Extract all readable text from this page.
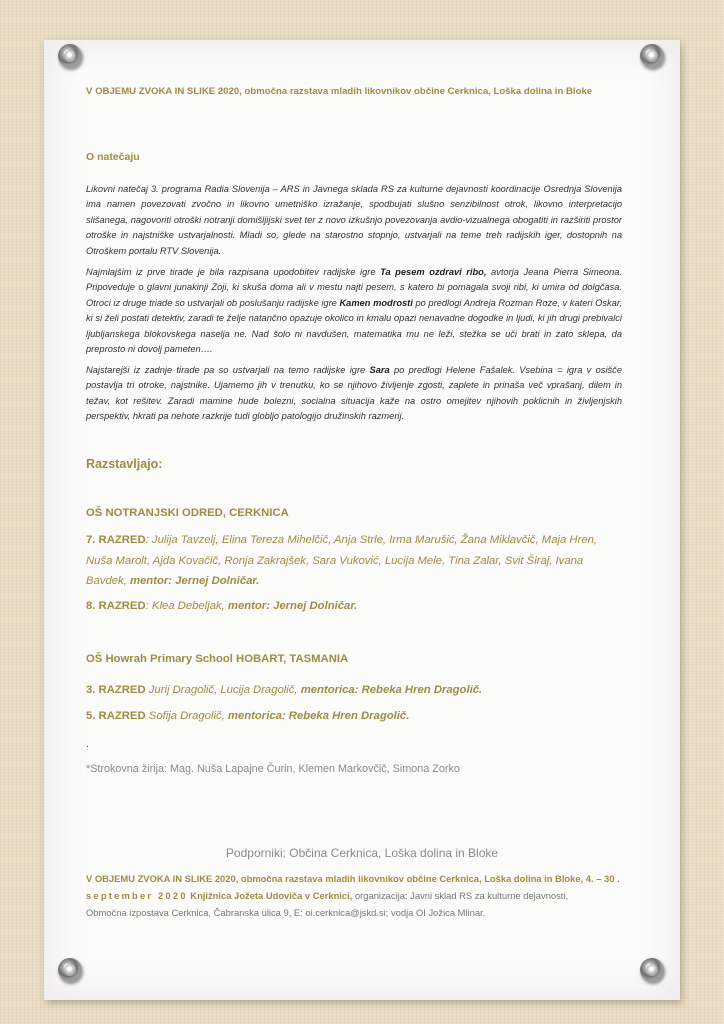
V OBJEMU ZVOKA IN SLIKE 2020, območna razstava mladih likovnikov občine Cerknica, Loška dolina in Bloke
O natečaju
Likovni natečaj 3. programa Radia Slovenija – ARS in Javnega sklada RS za kulturne dejavnosti koordinacije Osrednja Slovenija ima namen povezovati zvočno in likovno umetniško izražanje, spodbujati slušno senzibilnost otrok, likovno interpretacijo slišanega, nagovoriti otroški notranji domišljijski svet ter z novo izkušnjo povezovanja avdio-vizualnega obogatiti in razširiti prostor otroške in najstniške ustvarjalnosti. Mladi so, glede na starostno stopnjo, ustvarjali na teme treh radijskih iger, dostopnih na Otroškem portalu RTV Slovenija.
Najmlajšim iz prve tirade je bila razpisana upodobitev radijske igre Ta pesem ozdravi ribo, avtorja Jeana Pierra Simeona. Pripoveduje o glavni junakinji Zoji, ki skuša doma ali v mestu najti pesem, s katero bi pomagala svoji ribi, ki umira od dolgčasa. Otroci iz druge triade so ustvarjali ob poslušanju radijske igre Kamen modrosti po predlogi Andreja Rozman Roze, v kateri Oskar, ki si želi postati detektiv, zaradi te želje natančno opazuje okolico in kmalu opazi nenavadne dogodke in ljudi, ki jih drugi prebivalci ljubljanskega blokovskega naselja ne. Nad šolo ni navdušen, matematika mu ne leži, stežka se uči brati in zato sklepa, da preprosto ni dovolj pameten….
Najstarejši iz zadnje tirade pa so ustvarjali na temo radijske igre Sara po predlogi Helene Fašalek. Vsebina = igra v osišče postavlja tri otroke, najstnike. Ujamemo jih v trenutku, ko se njihovo življenje zgosti, zaplete in prinaša več vprašanj, dilem in težav, kot rešitev. Zaradi mamine hude bolezni, socialna situacija kaže na ostro omejitev njihovih poklicnih in življenjskih perspektiv, hkrati pa nehote razkrije tudi globljo patologijo družinskih razmerij.
Razstavljajo:
OŠ NOTRANJSKI ODRED, CERKNICA
7. RAZRED: Julija Tavzelj, Elina Tereza Mihelčič, Anja Strle, Irma Marušić, Žana Miklavčič, Maja Hren, Nuša Marolt, Ajda Kovačič, Ronja Zakrajšek, Sara Vuković, Lucija Mele, Tina Zalar, Svit Širaj, Ivana Bavdek, mentor: Jernej Dolničar.
8. RAZRED: Klea Debeljak, mentor: Jernej Dolničar.
OŠ Howrah Primary School HOBART, TASMANIA
3. RAZRED Jurij Dragolič, Lucija Dragolič, mentorica: Rebeka Hren Dragolič.
5. RAZRED Sofija Dragolič, mentorica: Rebeka Hren Dragolič.
.
*Strokovna žirija: Mag. Nuša Lapajne Čurin, Klemen Markovčič, Simona Zorko
Podporniki: Občina Cerknica, Loška dolina in Bloke
V OBJEMU ZVOKA IN SLIKE 2020, območna razstava mladih likovnikov občine Cerknica, Loška dolina in Bloke, 4. – 30 .
september 2020 Knjižnica Jožeta Udoviča v Cerknici, organizacija: Javni sklad RS za kulturne dejavnosti,
Območna izpostava Cerknica, Čabranska ulica 9, E: oi.cerknica@jskd.si; vodja OI Jožica Mlinar.
